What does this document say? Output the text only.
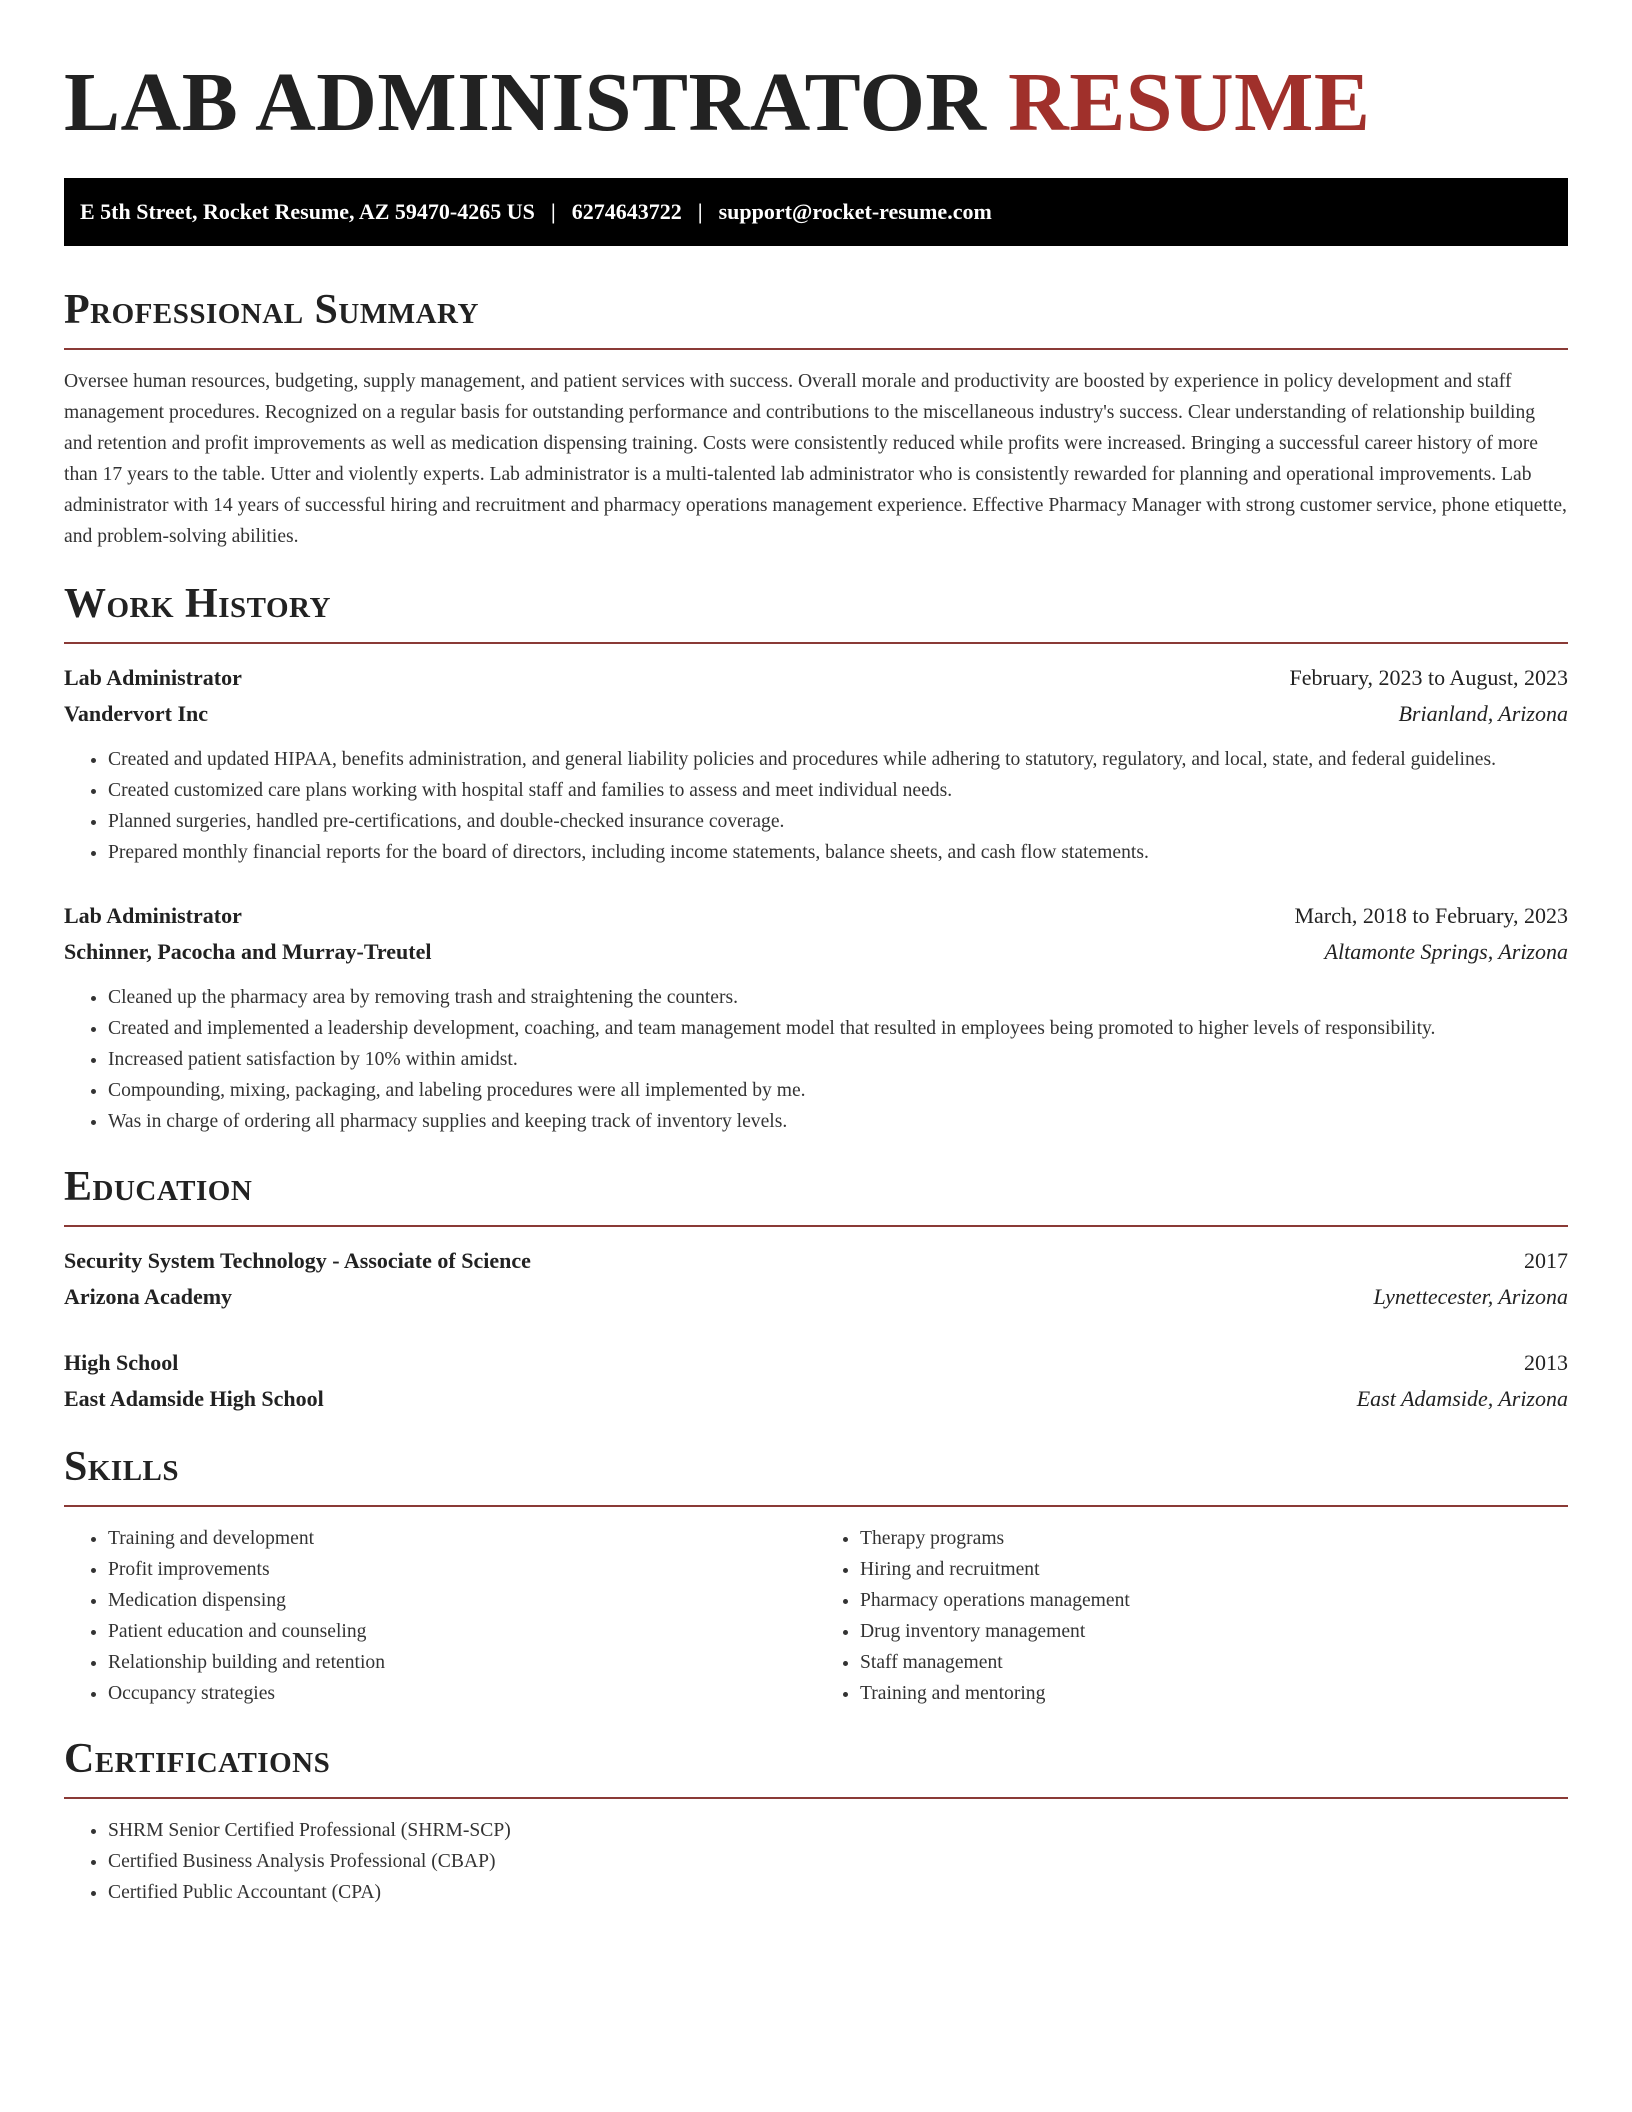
LAB ADMINISTRATOR RESUME
E 5th Street, Rocket Resume, AZ 59470-4265 US | 6274643722 | support@rocket-resume.com
Professional Summary

Oversee human resources, budgeting, supply management, and patient services with success. Overall morale and productivity are boosted by experience in policy development and staff management procedures. Recognized on a regular basis for outstanding performance and contributions to the miscellaneous industry's success. Clear understanding of relationship building and retention and profit improvements as well as medication dispensing training. Costs were consistently reduced while profits were increased. Bringing a successful career history of more than 17 years to the table. Utter and violently experts. Lab administrator is a multi-talented lab administrator who is consistently rewarded for planning and operational improvements. Lab administrator with 14 years of successful hiring and recruitment and pharmacy operations management experience. Effective Pharmacy Manager with strong customer service, phone etiquette, and problem-solving abilities.

Work History
Lab Administrator	February, 2023 to August, 2023
Vandervort Inc	Brianland, Arizona
• Created and updated HIPAA, benefits administration, and general liability policies and procedures while adhering to statutory, regulatory, and local, state, and federal guidelines.
• Created customized care plans working with hospital staff and families to assess and meet individual needs.
• Planned surgeries, handled pre-certifications, and double-checked insurance coverage.
• Prepared monthly financial reports for the board of directors, including income statements, balance sheets, and cash flow statements.
Lab Administrator	March, 2018 to February, 2023
Schinner, Pacocha and Murray-Treutel	Altamonte Springs, Arizona
• Cleaned up the pharmacy area by removing trash and straightening the counters.
• Created and implemented a leadership development, coaching, and team management model that resulted in employees being promoted to higher levels of responsibility.
• Increased patient satisfaction by 10% within amidst.
• Compounding, mixing, packaging, and labeling procedures were all implemented by me.
• Was in charge of ordering all pharmacy supplies and keeping track of inventory levels.
Education
Security System Technology - Associate of Science	2017
Arizona Academy	Lynettecester, Arizona
High School	2013
East Adamside High School	East Adamside, Arizona
Skills
• Training and development
• Profit improvements
• Medication dispensing
• Patient education and counseling
• Relationship building and retention
• Occupancy strategies
• Therapy programs
• Hiring and recruitment
• Pharmacy operations management
• Drug inventory management
• Staff management
• Training and mentoring
Certifications
• SHRM Senior Certified Professional (SHRM-SCP)
• Certified Business Analysis Professional (CBAP)
• Certified Public Accountant (CPA)
